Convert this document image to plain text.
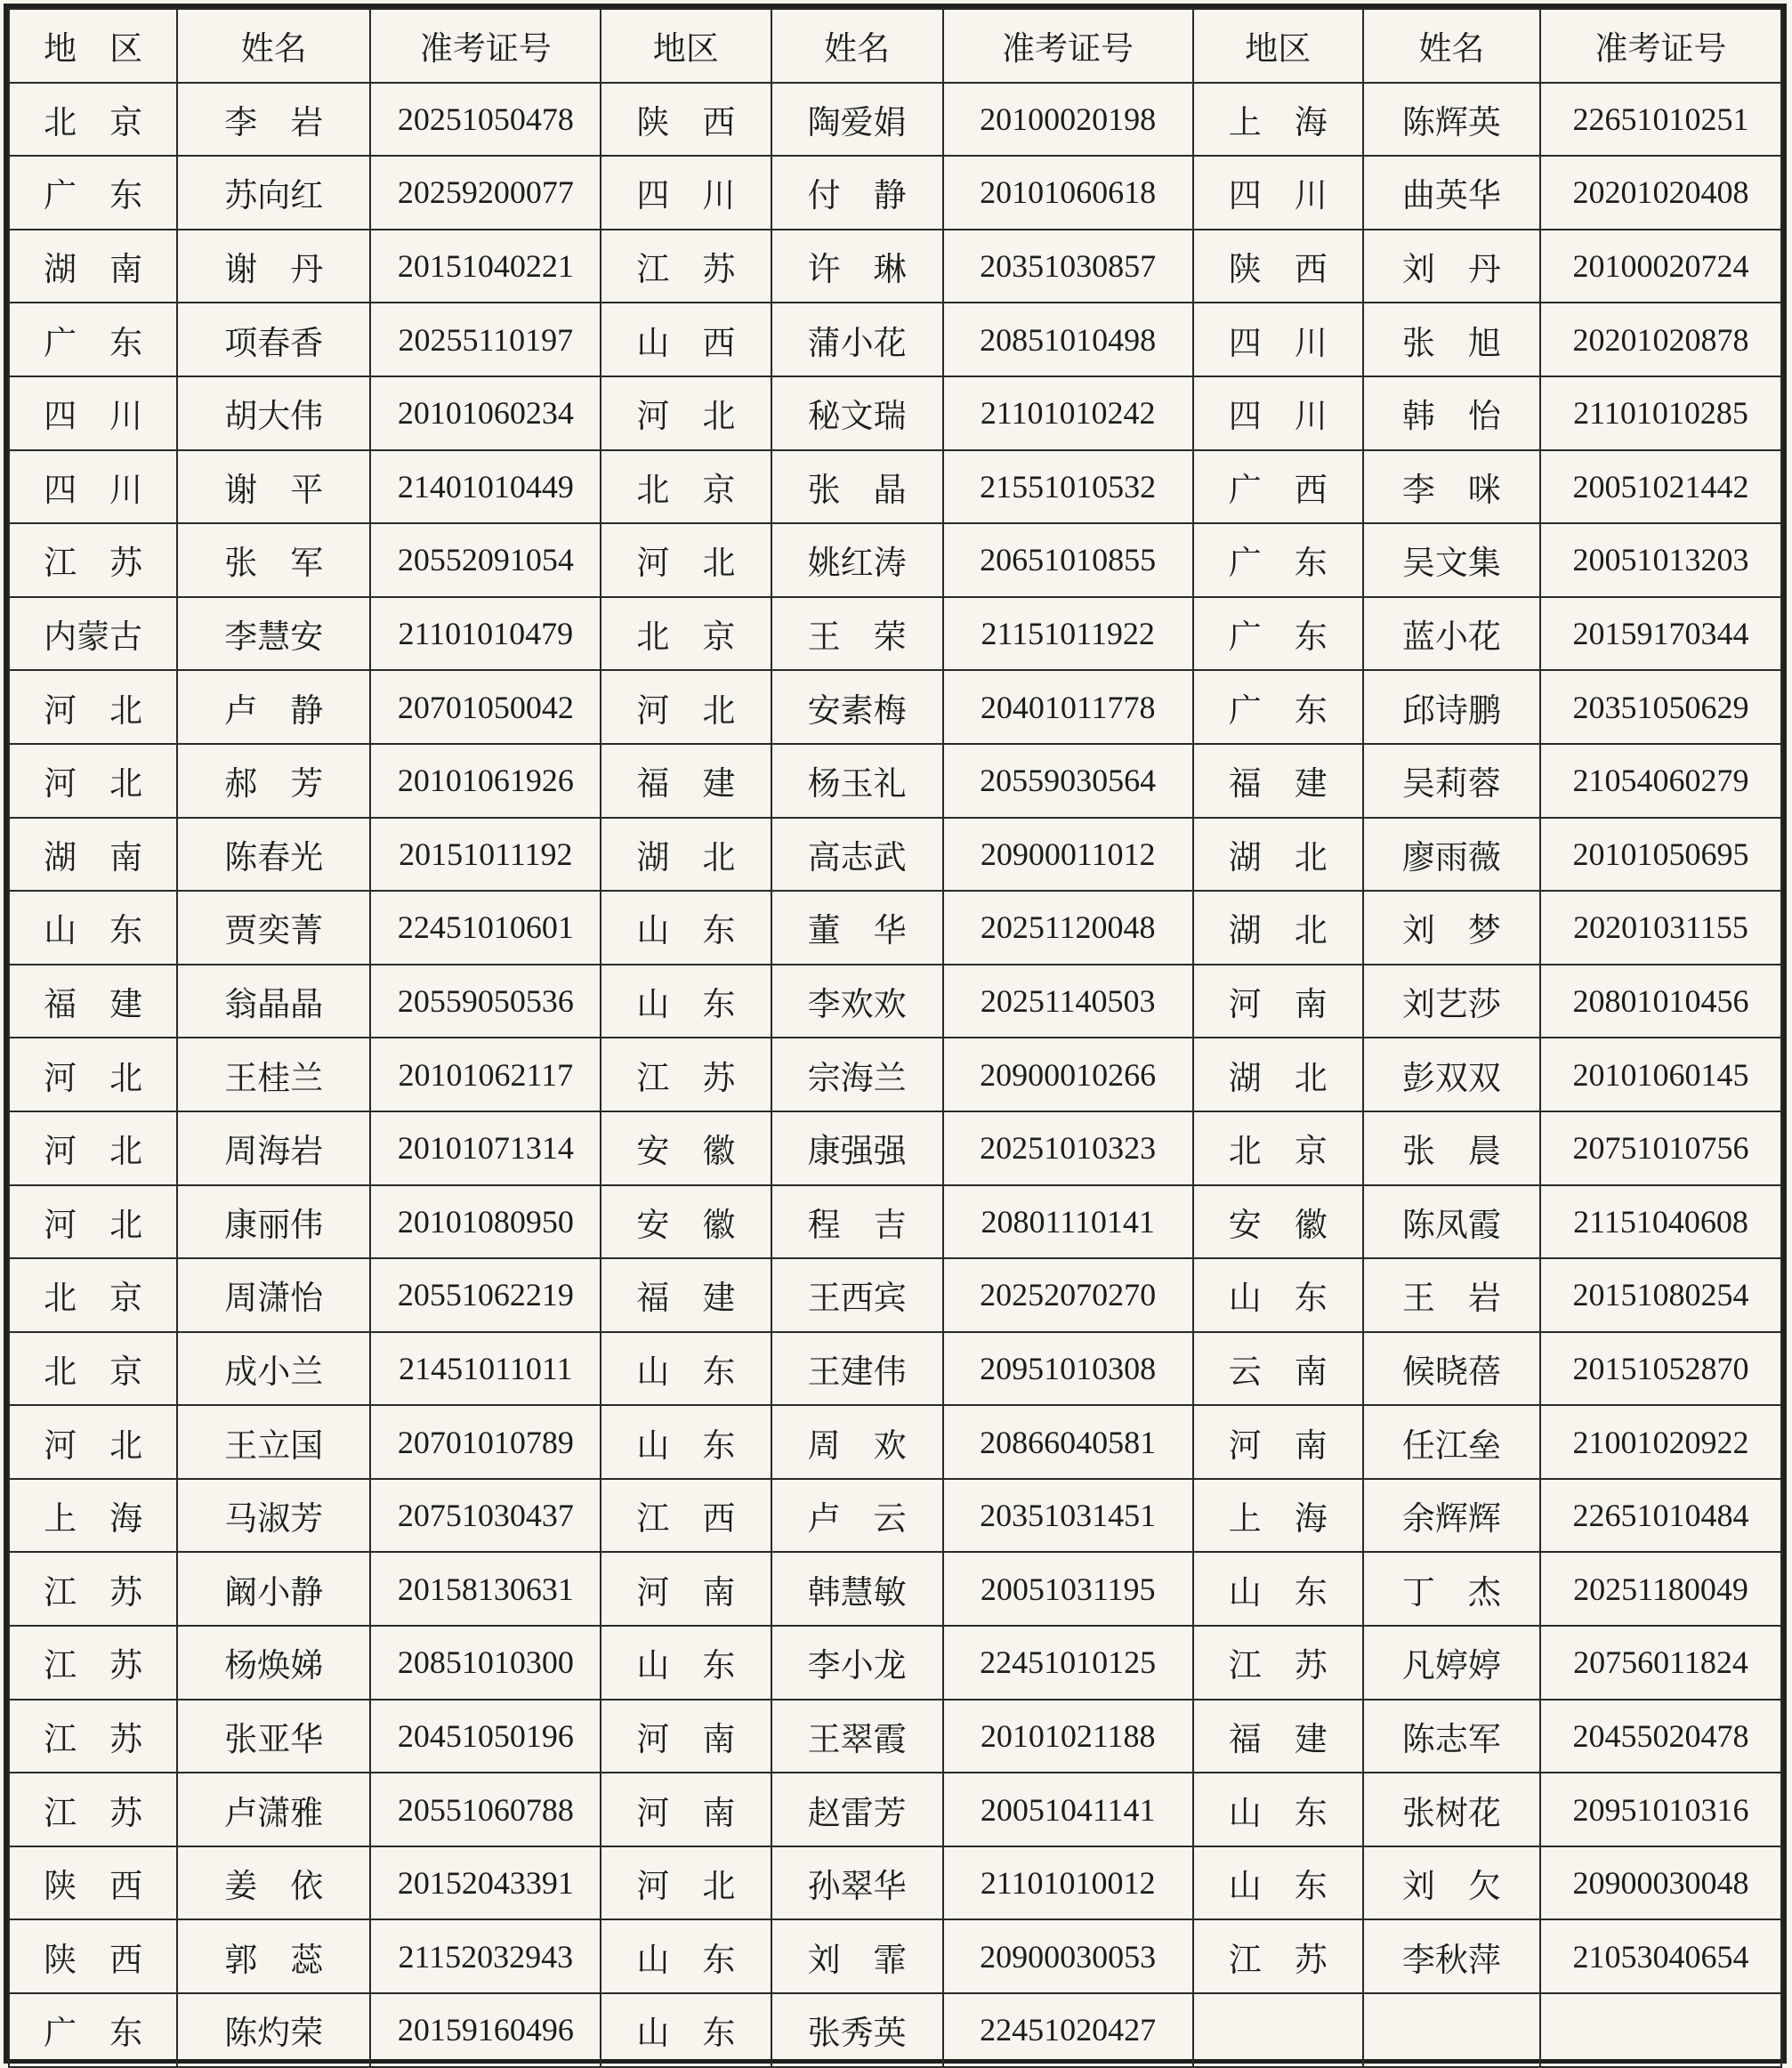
地　区	姓名	准考证号	地区	姓名	准考证号	地区	姓名	准考证号
北　京	李　岩	20251050478	陕　西	陶爱娟	20100020198	上　海	陈辉英	22651010251
广　东	苏向红	20259200077	四　川	付　静	20101060618	四　川	曲英华	20201020408
湖　南	谢　丹	20151040221	江　苏	许　琳	20351030857	陕　西	刘　丹	20100020724
广　东	项春香	20255110197	山　西	蒲小花	20851010498	四　川	张　旭	20201020878
四　川	胡大伟	20101060234	河　北	秘文瑞	21101010242	四　川	韩　怡	21101010285
四　川	谢　平	21401010449	北　京	张　晶	21551010532	广　西	李　咪	20051021442
江　苏	张　军	20552091054	河　北	姚红涛	20651010855	广　东	吴文集	20051013203
内蒙古	李慧安	21101010479	北　京	王　荣	21151011922	广　东	蓝小花	20159170344
河　北	卢　静	20701050042	河　北	安素梅	20401011778	广　东	邱诗鹏	20351050629
河　北	郝　芳	20101061926	福　建	杨玉礼	20559030564	福　建	吴莉蓉	21054060279
湖　南	陈春光	20151011192	湖　北	高志武	20900011012	湖　北	廖雨薇	20101050695
山　东	贾奕菁	22451010601	山　东	董　华	20251120048	湖　北	刘　梦	20201031155
福　建	翁晶晶	20559050536	山　东	李欢欢	20251140503	河　南	刘艺莎	20801010456
河　北	王桂兰	20101062117	江　苏	宗海兰	20900010266	湖　北	彭双双	20101060145
河　北	周海岩	20101071314	安　徽	康强强	20251010323	北　京	张　晨	20751010756
河　北	康丽伟	20101080950	安　徽	程　吉	20801110141	安　徽	陈凤霞	21151040608
北　京	周潇怡	20551062219	福　建	王西宾	20252070270	山　东	王　岩	20151080254
北　京	成小兰	21451011011	山　东	王建伟	20951010308	云　南	候晓蓓	20151052870
河　北	王立国	20701010789	山　东	周　欢	20866040581	河　南	任江垒	21001020922
上　海	马淑芳	20751030437	江　西	卢　云	20351031451	上　海	余辉辉	22651010484
江　苏	阚小静	20158130631	河　南	韩慧敏	20051031195	山　东	丁　杰	20251180049
江　苏	杨焕娣	20851010300	山　东	李小龙	22451010125	江　苏	凡婷婷	20756011824
江　苏	张亚华	20451050196	河　南	王翠霞	20101021188	福　建	陈志军	20455020478
江　苏	卢潇雅	20551060788	河　南	赵雷芳	20051041141	山　东	张树花	20951010316
陕　西	姜　依	20152043391	河　北	孙翠华	21101010012	山　东	刘　欠	20900030048
陕　西	郭　蕊	21152032943	山　东	刘　霏	20900030053	江　苏	李秋萍	21053040654
广　东	陈灼荣	20159160496	山　东	张秀英	22451020427			
